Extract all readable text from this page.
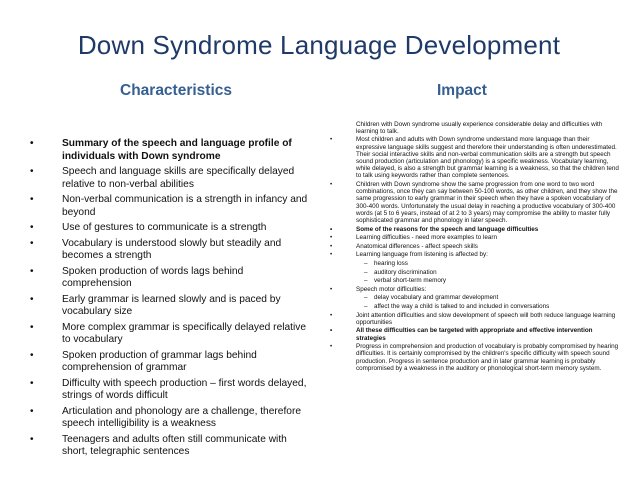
Down Syndrome Language Development
Characteristics	Impact
•	Summary of the speech and language profile of individuals with Down syndrome
•	Speech and language skills are specifically delayed relative to non-verbal abilities
•	Non-verbal communication is a strength in infancy and beyond
•	Use of gestures to communicate is a strength
•	Vocabulary is understood slowly but steadily and becomes a strength
•	Spoken production of words lags behind comprehension
•	Early grammar is learned slowly and is paced by vocabulary size
•	More complex grammar is specifically delayed relative to vocabulary
•	Spoken production of grammar lags behind comprehension of grammar
•	Difficulty with speech production – first words delayed, strings of words difficult
•	Articulation and phonology are a challenge, therefore speech intelligibility is a weakness
•	Teenagers and adults often still communicate with short, telegraphic sentences
Children with Down syndrome usually experience considerable delay and difficulties with learning to talk.
•	Most children and adults with Down syndrome understand more language than their expressive language skills suggest and therefore their understanding is often underestimated. Their social interactive skills and non-verbal communication skills are a strength but speech sound production (articulation and phonology) is a specific weakness. Vocabulary learning, while delayed, is also a strength but grammar learning is a weakness, so that the children tend to talk using keywords rather than complete sentences.
•	Children with Down syndrome show the same progression from one word to two word combinations, once they can say between 50-100 words, as other children, and they show the same progression to early grammar in their speech when they have a spoken vocabulary of 300-400 words. Unfortunately the usual delay in reaching a productive vocabulary of 300-400 words (at 5 to 6 years, instead of at 2 to 3 years) may compromise the ability to master fully sophisticated grammar and phonology in later speech.
•	Some of the reasons for the speech and language difficulties
•	Learning difficulties - need more examples to learn
•	Anatomical differences - affect speech skills
•	Learning language from listening is affected by:
– hearing loss
– auditory discrimination
– verbal short-term memory
•	Speech motor difficulties:
– delay vocabulary and grammar development
– affect the way a child is talked to and included in conversations
•	Joint attention difficulties and slow development of speech will both reduce language learning opportunities
•	All these difficulties can be targeted with appropriate and effective intervention strategies
•	Progress in comprehension and production of vocabulary is probably compromised by hearing difficulties. It is certainly compromised by the children's specific difficulty with speech sound production. Progress in sentence production and in later grammar learning is probably compromised by a weakness in the auditory or phonological short-term memory system.
